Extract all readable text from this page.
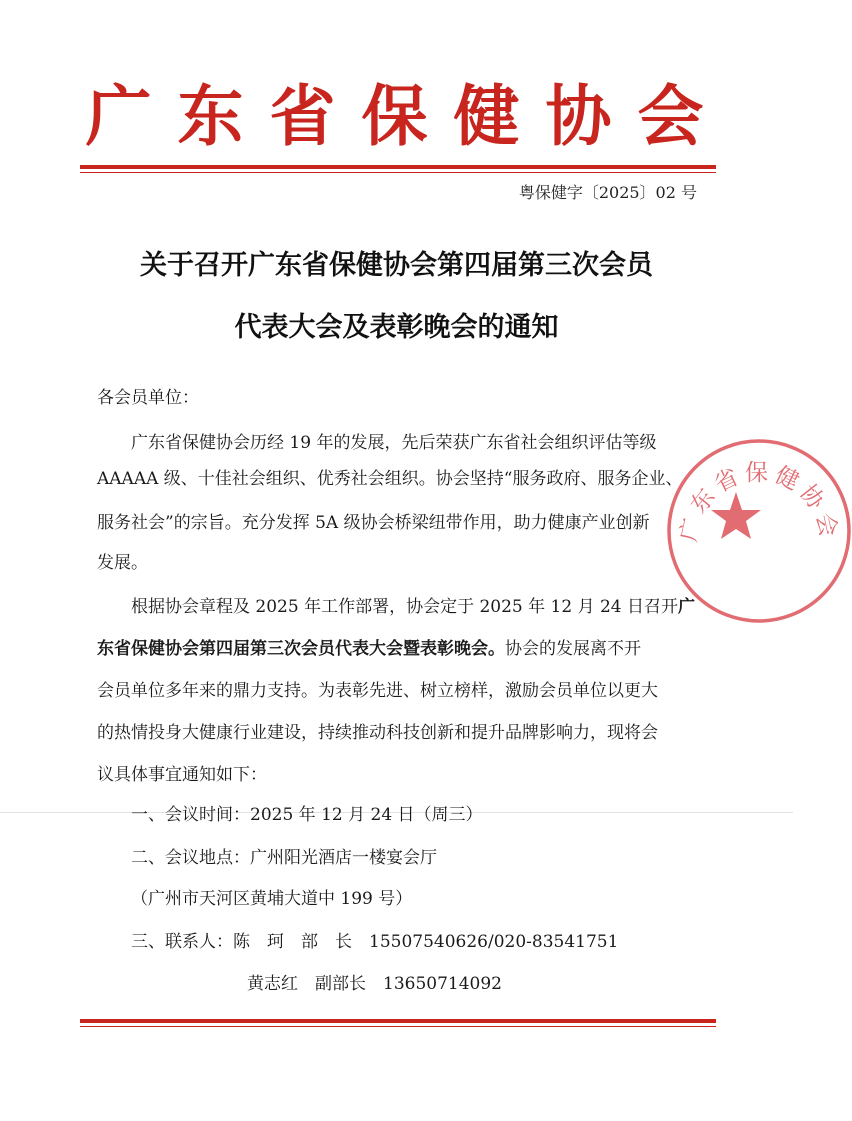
广东省保健协会
粤保健字〔2025〕02 号
关于召开广东省保健协会第四届第三次会员
代表大会及表彰晚会的通知
各会员单位：
广东省保健协会历经 19 年的发展，先后荣获广东省社会组织评估等级
AAAAA 级、十佳社会组织、优秀社会组织。协会坚持“服务政府、服务企业、
服务社会”的宗旨。充分发挥 5A 级协会桥梁纽带作用，助力健康产业创新
发展。
根据协会章程及 2025 年工作部署，协会定于 2025 年 12 月 24 日召开广
东省保健协会第四届第三次会员代表大会暨表彰晚会。协会的发展离不开
会员单位多年来的鼎力支持。为表彰先进、树立榜样，激励会员单位以更大
的热情投身大健康行业建设，持续推动科技创新和提升品牌影响力，现将会
议具体事宜通知如下：
一、会议时间：2025 年 12 月 24 日（周三）
二、会议地点：广州阳光酒店一楼宴会厅
（广州市天河区黄埔大道中 199 号）
三、联系人：陈　珂　部　长　15507540626/020-83541751
黄志红　副部长　13650714092
广东省保健协会
